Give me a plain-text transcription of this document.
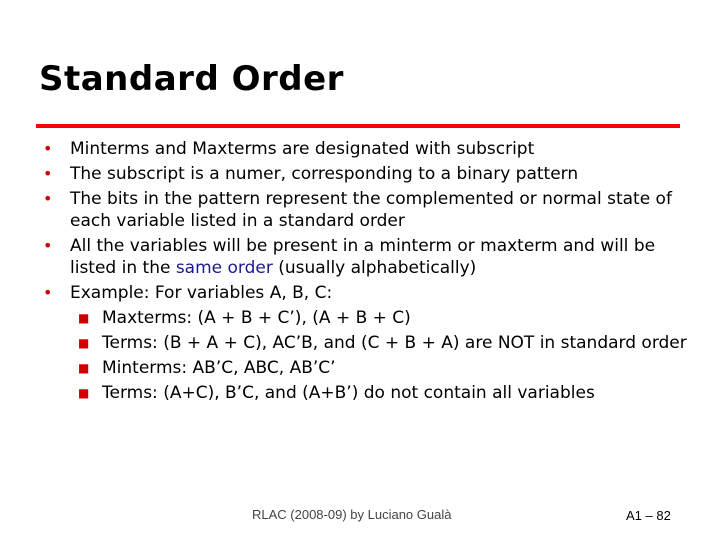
Standard Order
• Minterms and Maxterms are designated with subscript
• The subscript is a numer, corresponding to a binary pattern
• The bits in the pattern represent the complemented or normal state of each variable listed in a standard order
• All the variables will be present in a minterm or maxterm and will be listed in the same order (usually alphabetically)
• Example: For variables A, B, C:
■ Maxterms: (A + B + C’), (A + B + C)
■ Terms: (B + A + C), AC’B, and (C + B + A) are NOT in standard order
■ Minterms: AB’C, ABC, AB’C’
■ Terms: (A+C), B’C, and (A+B’) do not contain all variables
RLAC (2008-09) by Luciano Gualà	A1 – 82
